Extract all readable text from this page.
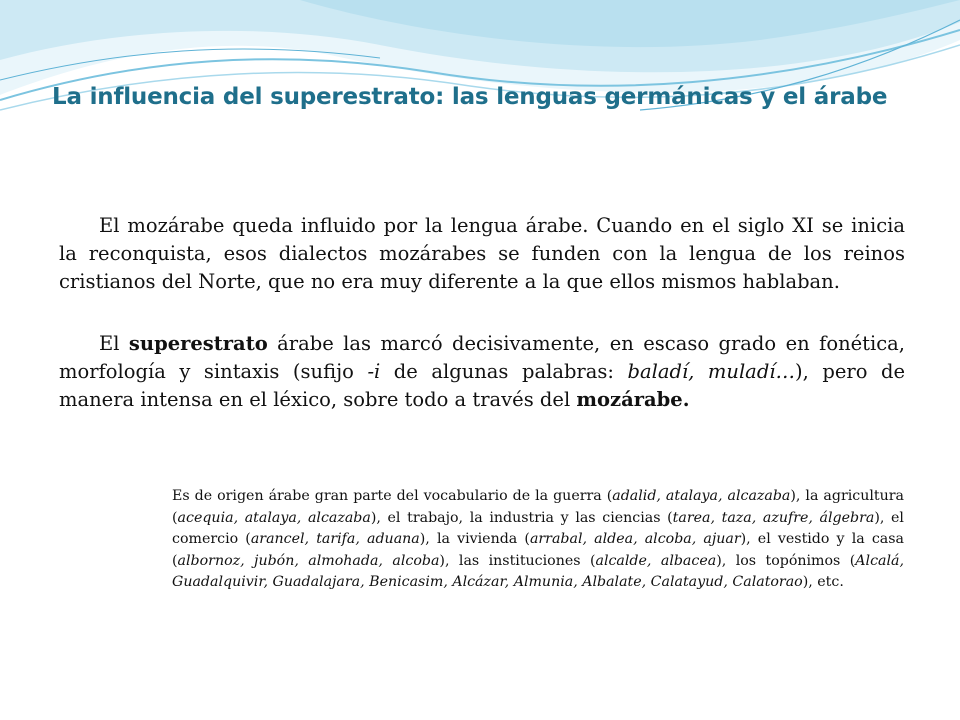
La influencia del superestrato: las lenguas germánicas y el árabe
El mozárabe queda influido por la lengua árabe. Cuando en el siglo XI se inicia la reconquista, esos dialectos mozárabes se funden con la lengua de los reinos cristianos del Norte, que no era muy diferente a la que ellos mismos hablaban.
El superestrato árabe las marcó decisivamente, en escaso grado en fonética, morfología y sintaxis (sufijo -i de algunas palabras: baladí, muladí…), pero de manera intensa en el léxico, sobre todo a través del mozárabe.
Es de origen árabe gran parte del vocabulario de la guerra (adalid, atalaya, alcazaba), la agricultura (acequia, atalaya, alcazaba), el trabajo, la industria y las ciencias (tarea, taza, azufre, álgebra), el comercio (arancel, tarifa, aduana), la vivienda (arrabal, aldea, alcoba, ajuar), el vestido y la casa (albornoz, jubón, almohada, alcoba), las instituciones (alcalde, albacea), los topónimos (Alcalá, Guadalquivir, Guadalajara, Benicasim, Alcázar, Almunia, Albalate, Calatayud, Calatorao), etc.
